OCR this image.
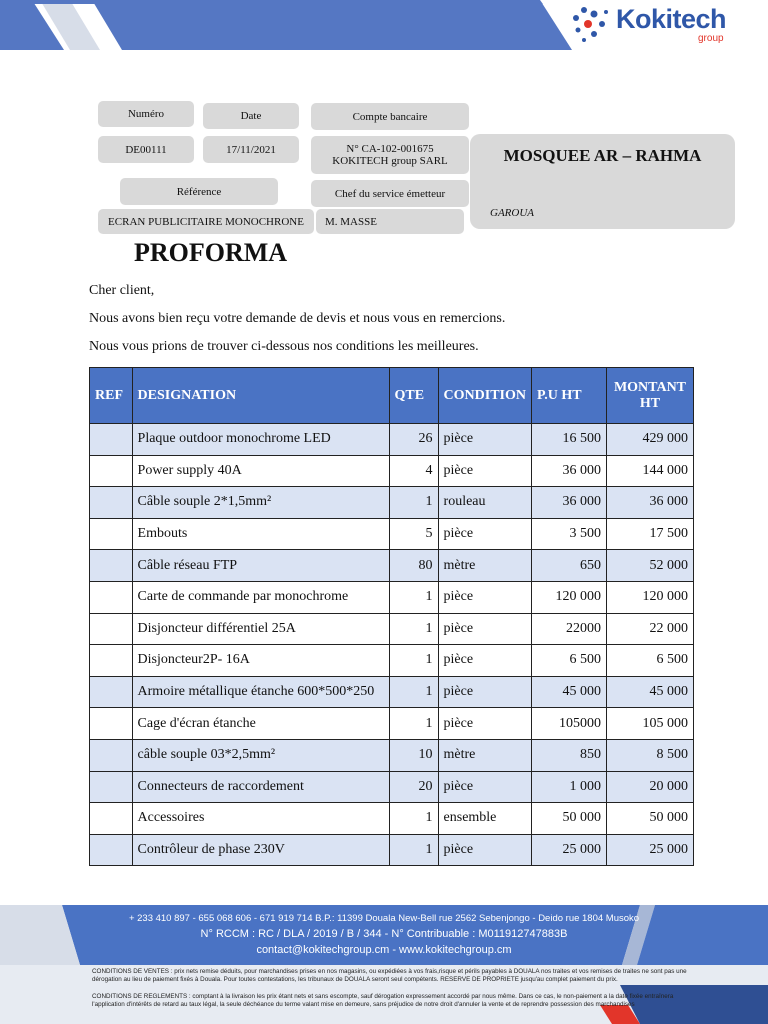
Kokitech
group
Numéro	Date	Compte bancaire
DE00111	17/11/2021	N° CA-102-001675
KOKITECH group SARL
Référence	Chef du service émetteur
ECRAN PUBLICITAIRE MONOCHRONE	M. MASSE
MOSQUEE AR – RAHMA
GAROUA
PROFORMA
Cher client,
Nous avons bien reçu votre demande de devis et nous vous en remercions.
Nous vous prions de trouver ci-dessous nos conditions les meilleures.
REF	DESIGNATION	QTE	CONDITION	P.U HT	MONTANT HT
	Plaque outdoor monochrome LED	26	pièce	16 500	429 000
	Power supply 40A	4	pièce	36 000	144 000
	Câble souple 2*1,5mm²	1	rouleau	36 000	36 000
	Embouts	5	pièce	3 500	17 500
	Câble réseau FTP	80	mètre	650	52 000
	Carte de commande par monochrome	1	pièce	120 000	120 000
	Disjoncteur différentiel 25A	1	pièce	22000	22 000
	Disjoncteur2P- 16A	1	pièce	6 500	6 500
	Armoire métallique étanche 600*500*250	1	pièce	45 000	45 000
	Cage d'écran étanche	1	pièce	105000	105 000
	câble souple 03*2,5mm²	10	mètre	850	8 500
	Connecteurs de raccordement	20	pièce	1 000	20 000
	Accessoires	1	ensemble	50 000	50 000
	Contrôleur de phase 230V	1	pièce	25 000	25 000
+ 233 410 897 - 655 068 606 - 671 919 714 B.P.: 11399 Douala New-Bell rue 2562 Sebenjongo - Deido rue 1804 Musoko
N° RCCM : RC / DLA / 2019 / B / 344 - N° Contribuable : M011912747883B
contact@kokitechgroup.cm - www.kokitechgroup.cm
CONDITIONS DE VENTES : prix nets remise déduits, pour marchandises prises en nos magasins, ou expédiées à vos frais,risque et périls payables à DOUALA nos traites et vos remises de traites ne sont pas une dérogation au lieu de paiement fixés à Douala. Pour toutes contestations, les tribunaux de DOUALA seront seul compétents. RESERVE DE PROPRIETE jusqu'au complet paiement du prix.
CONDITIONS DE REGLEMENTS : comptant à la livraison les prix étant nets et sans escompte, sauf dérogation expressement accordé par nous même. Dans ce cas, le non-paiement a la date fixée entraînera l'application d'intérêts de retard au taux légal, la seule déchéance du terme valant mise en demeure, sans préjudice de notre droit d'annuler la vente et de reprendre possession des marchandises
